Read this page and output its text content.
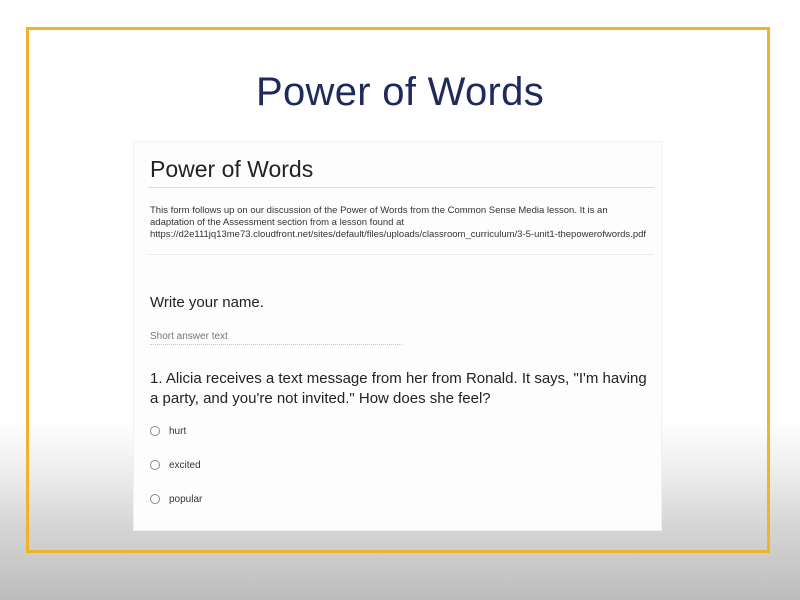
Power of Words
Power of Words
This form follows up on our discussion of the Power of Words from the Common Sense Media lesson. It is an adaptation of the Assessment section from a lesson found at https://d2e111jq13me73.cloudfront.net/sites/default/files/uploads/classroom_curriculum/3-5-unit1-thepowerofwords.pdf
Write your name.
Short answer text
1. Alicia receives a text message from her from Ronald. It says, "I'm having a party, and you're not invited." How does she feel?
hurt
excited
popular
